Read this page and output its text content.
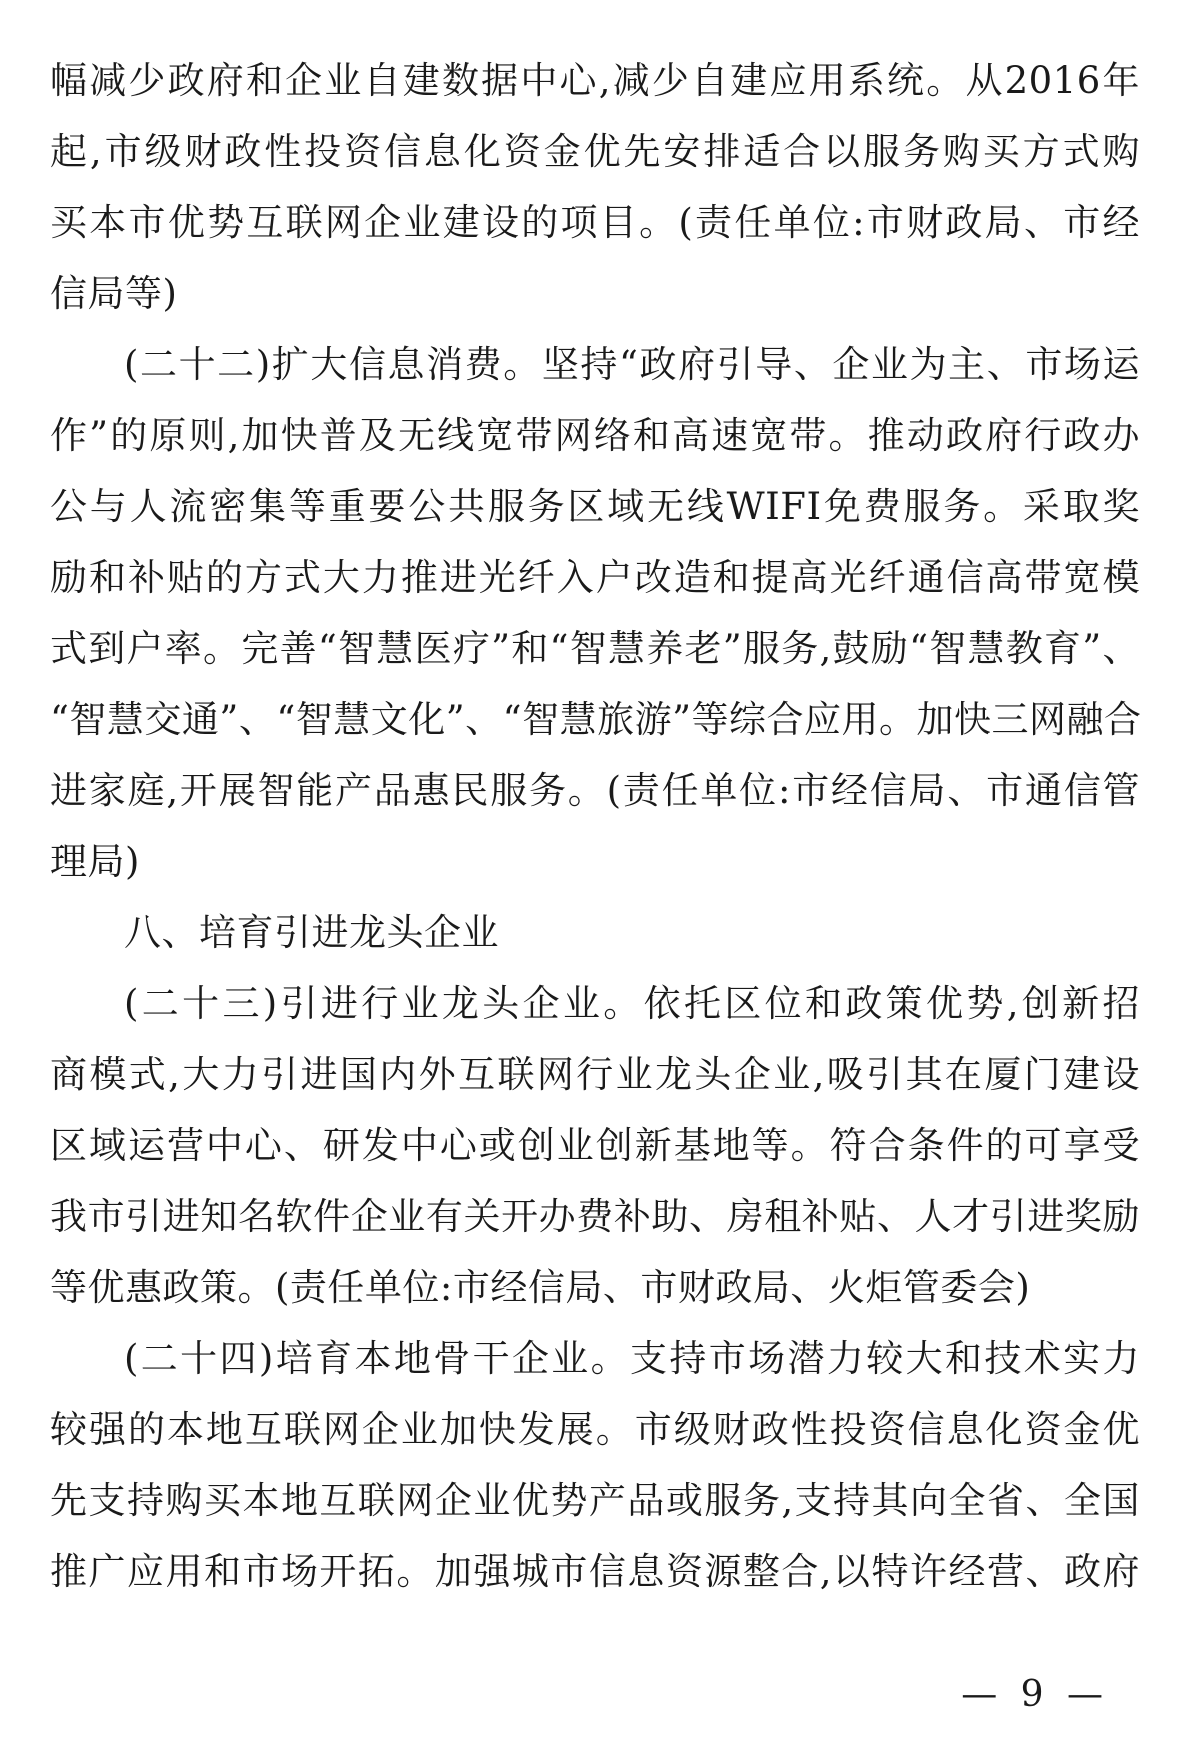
幅减少政府和企业自建数据中心,减少自建应用系统。从2016年
起,市级财政性投资信息化资金优先安排适合以服务购买方式购
买本市优势互联网企业建设的项目。(责任单位:市财政局、市经
信局等)
(二十二)扩大信息消费。坚持“政府引导、企业为主、市场运
作”的原则,加快普及无线宽带网络和高速宽带。推动政府行政办
公与人流密集等重要公共服务区域无线WIFI免费服务。采取奖
励和补贴的方式大力推进光纤入户改造和提高光纤通信高带宽模
式到户率。完善“智慧医疗”和“智慧养老”服务,鼓励“智慧教育”、
“智慧交通”、“智慧文化”、“智慧旅游”等综合应用。加快三网融合
进家庭,开展智能产品惠民服务。(责任单位:市经信局、市通信管
理局)
八、培育引进龙头企业
(二十三)引进行业龙头企业。依托区位和政策优势,创新招
商模式,大力引进国内外互联网行业龙头企业,吸引其在厦门建设
区域运营中心、研发中心或创业创新基地等。符合条件的可享受
我市引进知名软件企业有关开办费补助、房租补贴、人才引进奖励
等优惠政策。(责任单位:市经信局、市财政局、火炬管委会)
(二十四)培育本地骨干企业。支持市场潜力较大和技术实力
较强的本地互联网企业加快发展。市级财政性投资信息化资金优
先支持购买本地互联网企业优势产品或服务,支持其向全省、全国
推广应用和市场开拓。加强城市信息资源整合,以特许经营、政府
— 9 —
